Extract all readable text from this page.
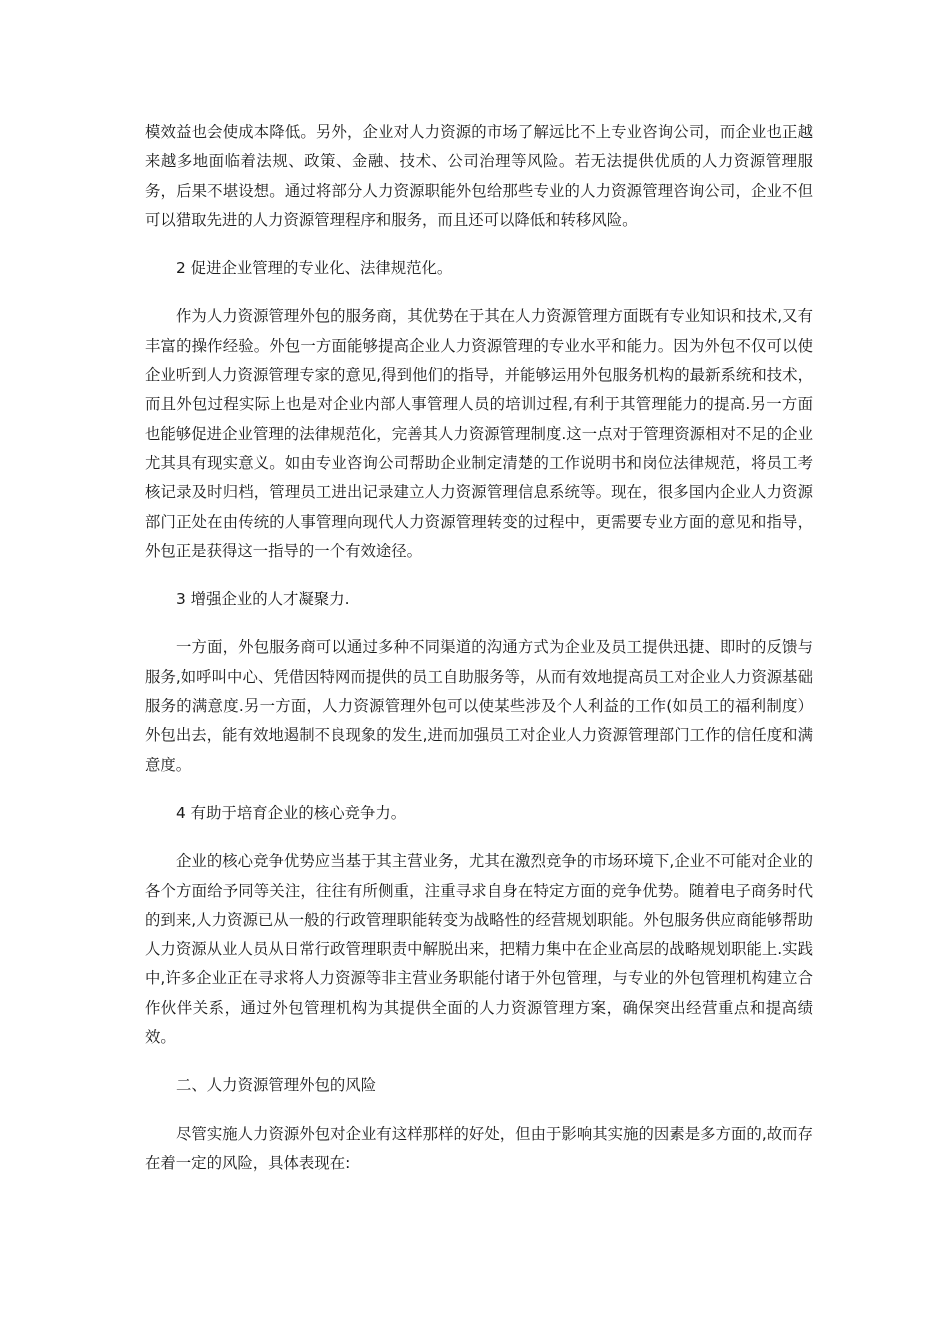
模效益也会使成本降低。另外，企业对人力资源的市场了解远比不上专业咨询公司，而企业也正越来越多地面临着法规、政策、金融、技术、公司治理等风险。若无法提供优质的人力资源管理服务，后果不堪设想。通过将部分人力资源职能外包给那些专业的人力资源管理咨询公司，企业不但可以猎取先进的人力资源管理程序和服务，而且还可以降低和转移风险。

2 促进企业管理的专业化、法律规范化。

作为人力资源管理外包的服务商，其优势在于其在人力资源管理方面既有专业知识和技术,又有丰富的操作经验。外包一方面能够提高企业人力资源管理的专业水平和能力。因为外包不仅可以使企业听到人力资源管理专家的意见,得到他们的指导，并能够运用外包服务机构的最新系统和技术，而且外包过程实际上也是对企业内部人事管理人员的培训过程,有利于其管理能力的提高.另一方面也能够促进企业管理的法律规范化，完善其人力资源管理制度.这一点对于管理资源相对不足的企业尤其具有现实意义。如由专业咨询公司帮助企业制定清楚的工作说明书和岗位法律规范，将员工考核记录及时归档，管理员工进出记录建立人力资源管理信息系统等。现在，很多国内企业人力资源部门正处在由传统的人事管理向现代人力资源管理转变的过程中，更需要专业方面的意见和指导，外包正是获得这一指导的一个有效途径。

3 增强企业的人才凝聚力.

一方面，外包服务商可以通过多种不同渠道的沟通方式为企业及员工提供迅捷、即时的反馈与服务,如呼叫中心、凭借因特网而提供的员工自助服务等，从而有效地提高员工对企业人力资源基础服务的满意度.另一方面，人力资源管理外包可以使某些涉及个人利益的工作(如员工的福利制度）外包出去，能有效地遏制不良现象的发生,进而加强员工对企业人力资源管理部门工作的信任度和满意度。

4 有助于培育企业的核心竞争力。

企业的核心竞争优势应当基于其主营业务，尤其在激烈竞争的市场环境下,企业不可能对企业的各个方面给予同等关注，往往有所侧重，注重寻求自身在特定方面的竞争优势。随着电子商务时代的到来,人力资源已从一般的行政管理职能转变为战略性的经营规划职能。外包服务供应商能够帮助人力资源从业人员从日常行政管理职责中解脱出来，把精力集中在企业高层的战略规划职能上.实践中,许多企业正在寻求将人力资源等非主营业务职能付诸于外包管理，与专业的外包管理机构建立合作伙伴关系，通过外包管理机构为其提供全面的人力资源管理方案，确保突出经营重点和提高绩效。

二、人力资源管理外包的风险

尽管实施人力资源外包对企业有这样那样的好处，但由于影响其实施的因素是多方面的,故而存在着一定的风险，具体表现在:
